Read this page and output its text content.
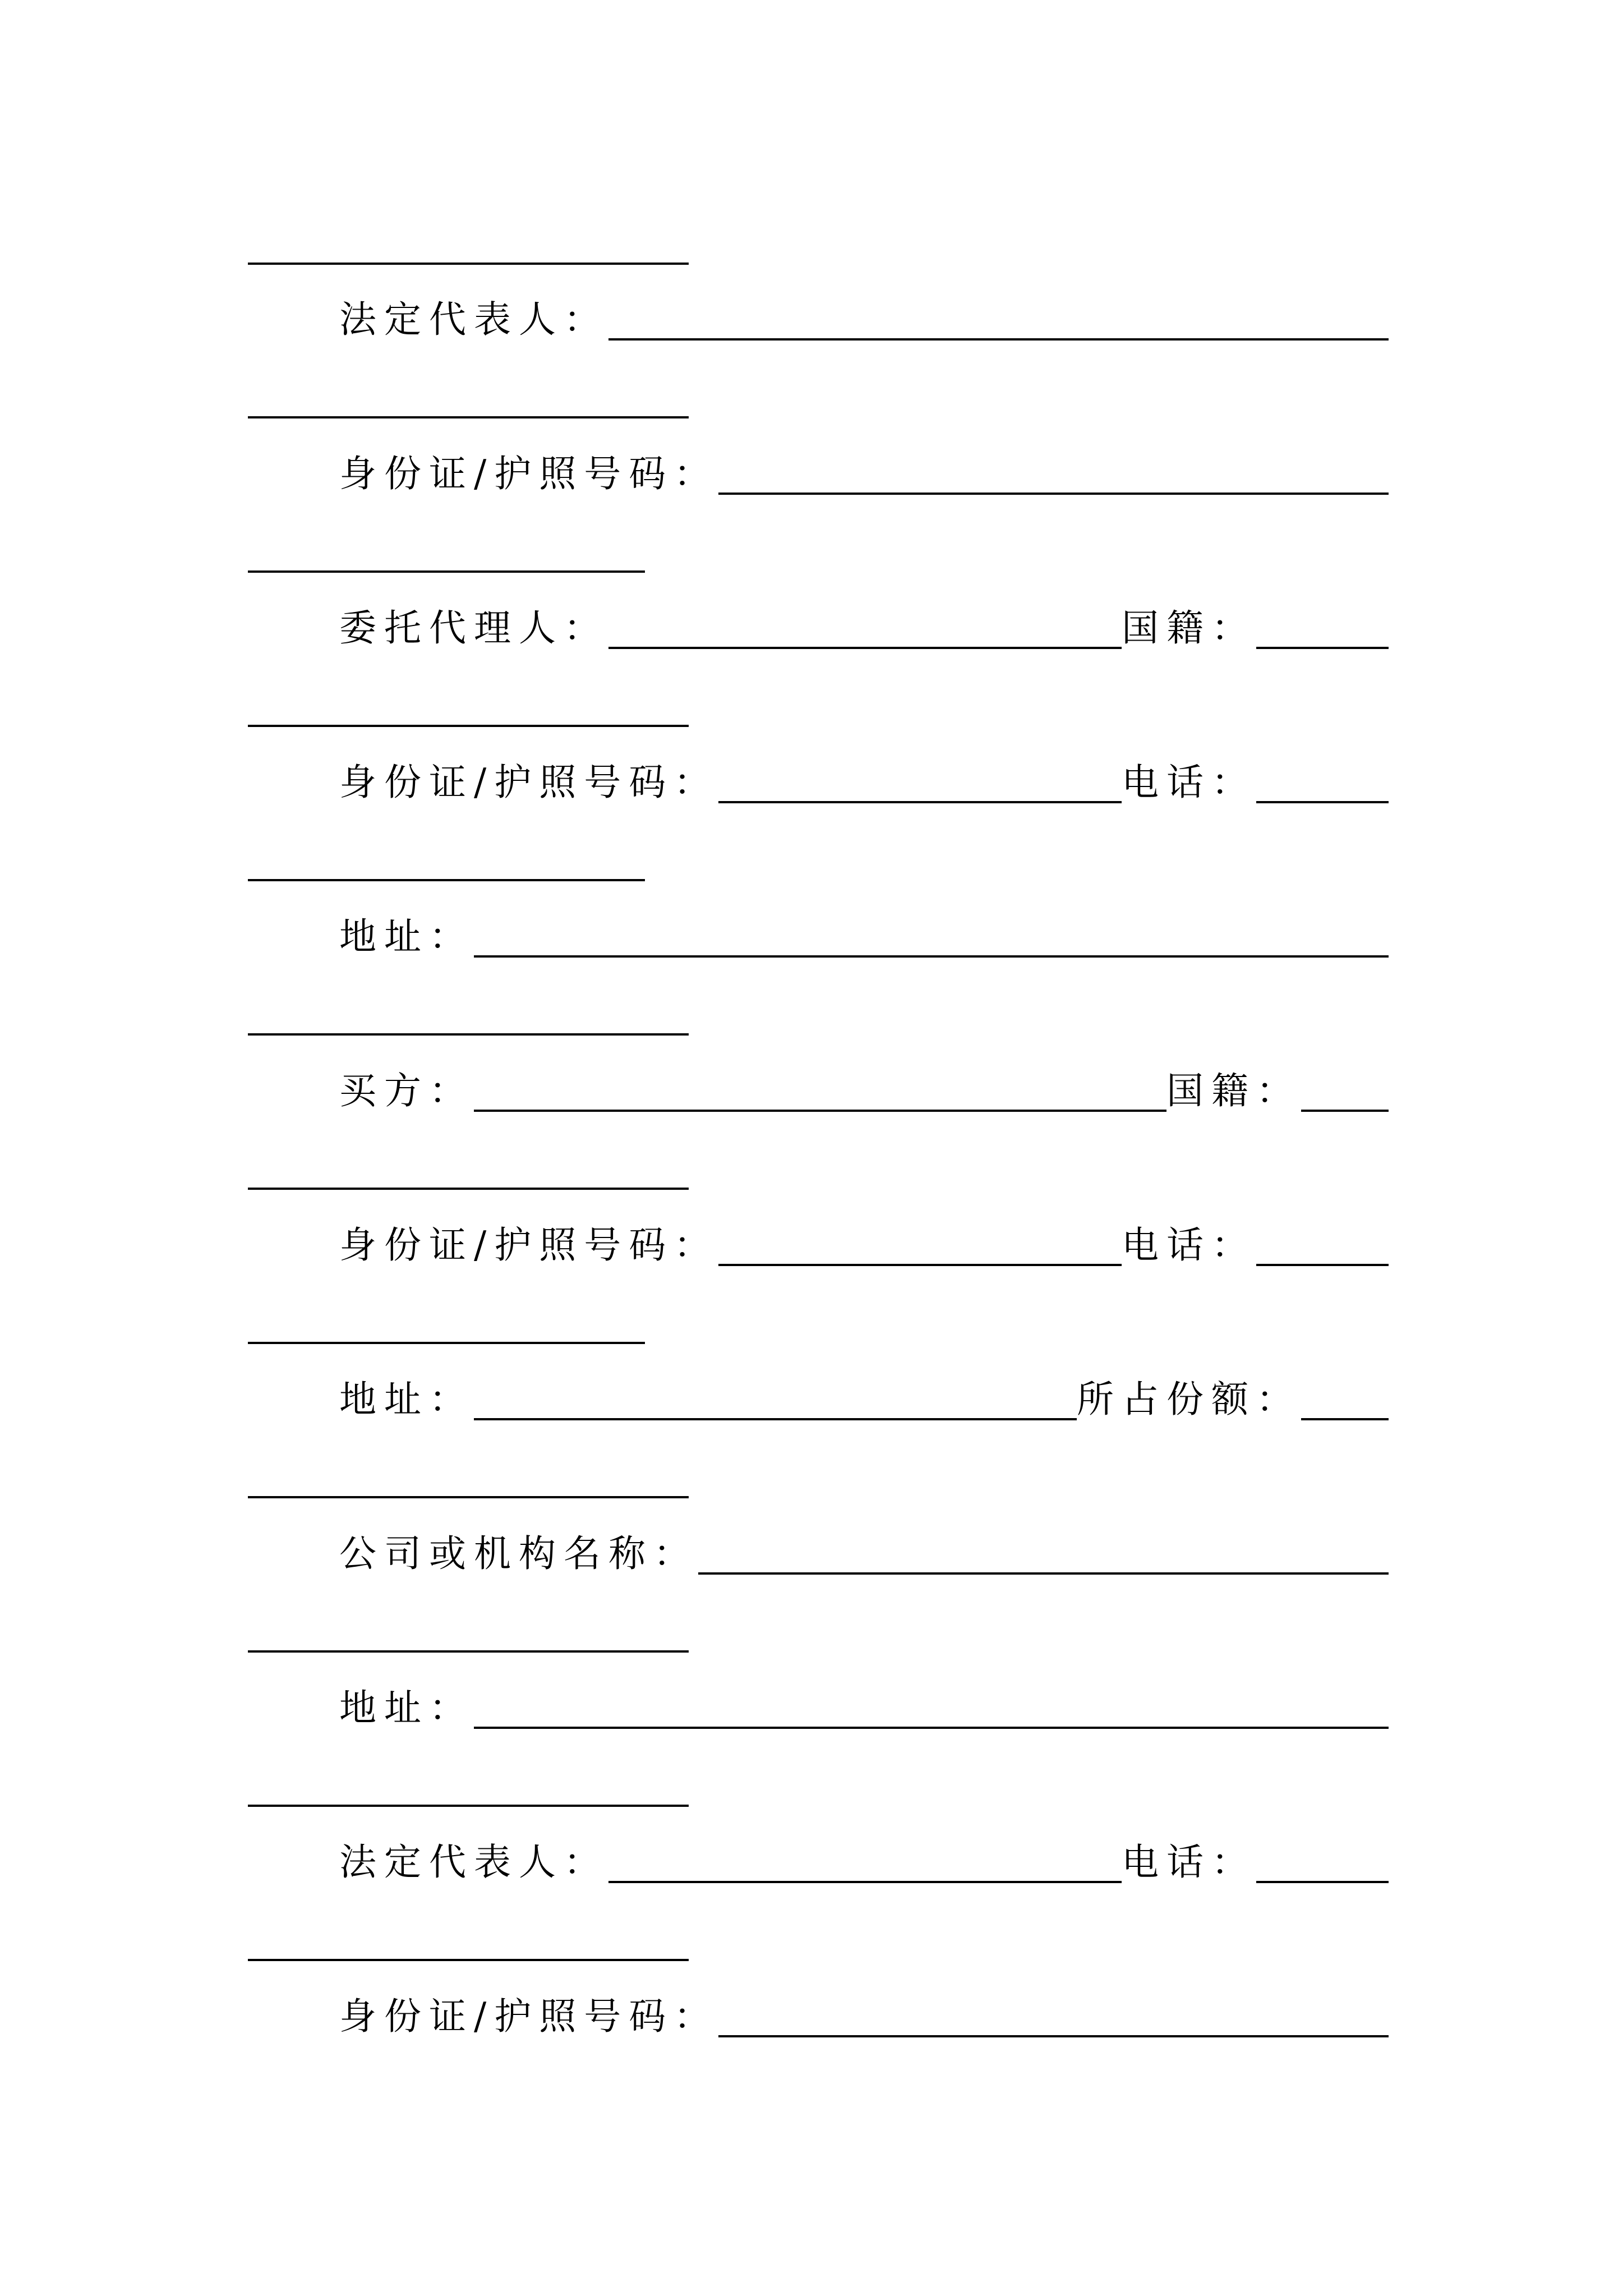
法定代表人：
身份证/护照号码：
委托代理人：	国籍：
身份证/护照号码：	电话：
地址：
买方：	国籍：
身份证/护照号码：	电话：
地址：	所占份额：
公司或机构名称：
地址：
法定代表人：	电话：
身份证/护照号码：
